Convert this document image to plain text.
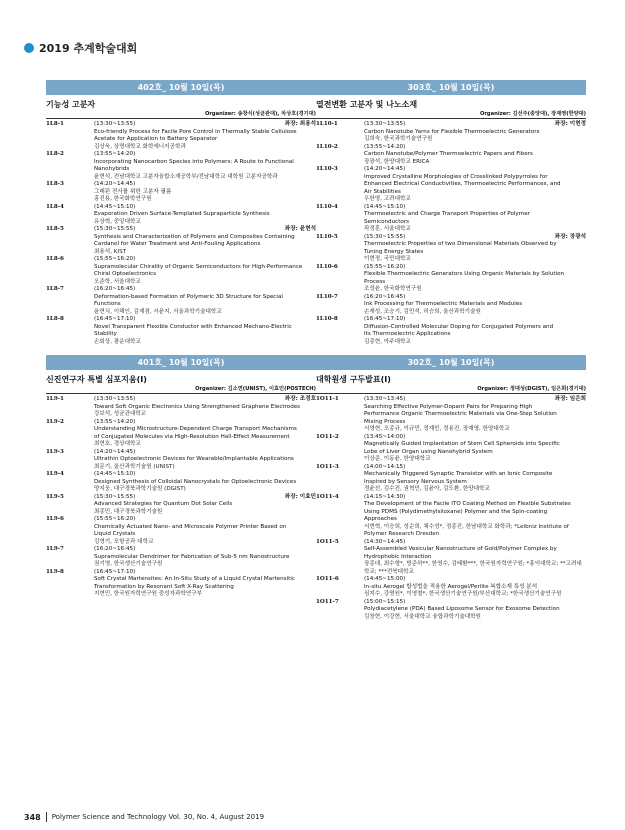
2019 추계학술대회
402호_ 10월 10일(목)
기능성 고분자
Organizer: 송창식(성균관대), 차상호(경기대)
1L8-1	(13:30~13:55)	좌장: 최용석
Eco-friendly Process for Facile Pore Control in Thermally Stable Cellulose
Acetate for Application to Battery Separator
김상욱, 상명대학교 화학에너지공학과
1L8-2	(13:55~14:20)
Incorporating Nanocarbon Species into Polymers: A Route to Functional
Nanohybrids
윤현석, 전남대학교 고분자융합소재공학부/전남대학교 대학원 고분자공학과
1L8-3	(14:20~14:45)
그래핀 전사를 위한 고분자 필름
홍진용, 한국화학연구원
1L8-4	(14:45~15:10)
Evaporation Driven Surface-Templated Supraparticle Synthesis
유상혁, 중앙대학교
1L8-5	(15:30~15:55)	좌장: 윤현석
Synthesis and Characterization of Polymers and Composites Containing
Cardanol for Water Treatment and Anti-Fouling Applications
최용석, KIST
1L8-6	(15:55~16:20)
Supramolecular Chirality of Organic Semiconductors for High-Performance
Chiral Optoelectronics
오준학, 서울대학교
1L8-7	(16:20~16:45)
Deformation-based Formation of Polymeric 3D Structure for Special
Functions
윤현식, 이해인, 김재겸, 서윤지, 서울과학기술대학교
1L8-8	(16:45~17:10)
Novel Transparent Flexible Conductor with Enhanced Mechano-Electric Stability
손회상, 광운대학교
401호_ 10월 10일(목)
신진연구자 특별 심포지움(I)
Organizer: 김소연(UNIST), 이효민(POSTECH)
1L9-1	(13:30~13:55)	좌장: 조정호
Toward Soft Organic Electronics Using Strengthened Graphene Electrodes
강보석, 성균관대학교
1L9-2	(13:55~14:20)
Understanding Microstructure-Dependent Charge Transport Mechanisms
of Conjugated Molecules via High-Resolution Hall-Effect Measurement
최현호, 경상대학교
1L9-3	(14:20~14:45)
Ultrathin Optoelectronic Devices for Wearable/Implantable Applications
최문기, 울산과학기술원 (UNIST)
1L9-4	(14:45~15:10)
Designed Synthesis of Colloidal Nanocrystals for Optoelectronic Devices
양지웅, 대구경북과학기술원 (DGIST)
1L9-5	(15:30~15:55)	좌장: 이효민
Advanced Strategies for Quantum Dot Solar Cells
최종민, 대구경북과학기술원
1L9-6	(15:55~16:20)
Chemically Actuated Nano- and Microscale Polymer Printer Based on
Liquid Crystals
김영기, 포항공과 대학교
1L9-7	(16:20~16:45)
Supramolecular Dendrimer for Fabrication of Sub-5 nm Nanostructure
권기영, 한국생산기술연구원
1L9-8	(16:45~17:10)
Soft Crystal Martensites: An In-Situ Study of a Liquid Crystal Martensitic
Transformation by Resonant Soft X-Ray Scattering
지현민, 한국원자력연구원 중성자과학연구부
303호_ 10월 10일(목)
열전변환 고분자 및 나노소재
Organizer: 김선주(중앙대), 장재영(한양대)
1L10-1	(13:30~13:55)	좌장: 이현정
Carbon Nanotube Yarns for Flexible Thermoelectric Generators
김희숙, 한국과학기술연구원
1L10-2	(13:55~14:20)
Carbon Nanotube/Polymer Thermoelectric Papers and Fibers
장광석, 한양대학교 ERICA
1L10-3	(14:20~14:45)
Improved Crystalline Morphologies of Crosslinked Polypyrroles for
Enhanced Electrical Conductivities, Thermoelectric Performances, and
Air Stabilities
우한영, 고려대학교
1L10-4	(14:45~15:10)
Thermoelectric and Charge Transport Properties of Polymer
Semiconductors
곽정훈, 서울대학교
1L10-5	(15:30~15:55)	좌장: 장광석
Thermoelectric Properties of two Dimensional Materials Observed by
Tuning Energy States
이현정, 국민대학교
1L10-6	(15:55~16:20)
Flexible Thermoelectric Generators Using Organic Materials by Solution
Process
조성윤, 한국화학연구원
1L10-7	(16:20~16:45)
Ink Processing for Thermoelectric Materials and Modules
손재성, 조승기, 김민석, 허승희, 울산과학기술원
1L10-8	(16:45~17:10)
Diffusion-Controlled Molecular Doping for Conjugated Polymers and
Its Thermoelectric Applications
김종현, 아주대학교
302호_ 10월 10일(목)
대학원생 구두발표(I)
Organizer: 정대성(DGIST), 임은희(경기대)
1O11-1	(13:30~13:45)	좌장: 임은희
Searching Effective Polymer-Dopant Pairs for Preparing High
Performance Organic Thermoelectric Materials via One-Step Solution
Mixing Process
서영현, 오종규, 이규민, 정재민, 정용진, 장재영, 한양대학교
1O11-2	(13:45~14:00)
Magnetically Guided Implantation of Stem Cell Spheroids into Specific
Lobe of Liver Organ using Nanohybrid System
이상준, 이동윤, 한양대학교
1O11-3	(14:00~14:15)
Mechanically Triggered Synaptic Transistor with an Ionic Composite
Inspired by Sensory Nervous System
정윤선, 김수진, 권혁민, 김윤아, 김도환, 한양대학교
1O11-4	(14:15~14:30)
The Development of the Facile ITO Coating Method on Flexible Substrates
Using PDMS (Polydimethylsiloxane) Polymer and the Spin-coating
Approaches
서현혁, 이승희, 성순희, 채수성*, 정종진, 한남대학교 화학과; *Leibniz Institute of Polymer Research Dresden
1O11-5	(14:30~14:45)
Self-Assembled Vesicular Nanostructure of Gold/Polymer Complex by
Hydrophobic Interaction
장종대, 최수형*, 방준하**, 한영수, 김태환***, 한국원자력연구원; *홍익대학교; **고려대학교; ***전북대학교
1O11-6	(14:45~15:00)
In-situ Aerogel 합성법을 적용한 Aerogel/Perlite 복합소재 특성 분석
심지수, 강명원*, 이영철*, 한국생산기술연구원/부산대학교; *한국생산기술연구원
1O11-7	(15:00~15:15)
Polydiacetylene (PDA) Based Liposome Sensor for Exosome Detection
김창현, 이강현, 서울대학교 융합과학기술대학원
348 Polymer Science and Technology Vol. 30, No. 4, August 2019
